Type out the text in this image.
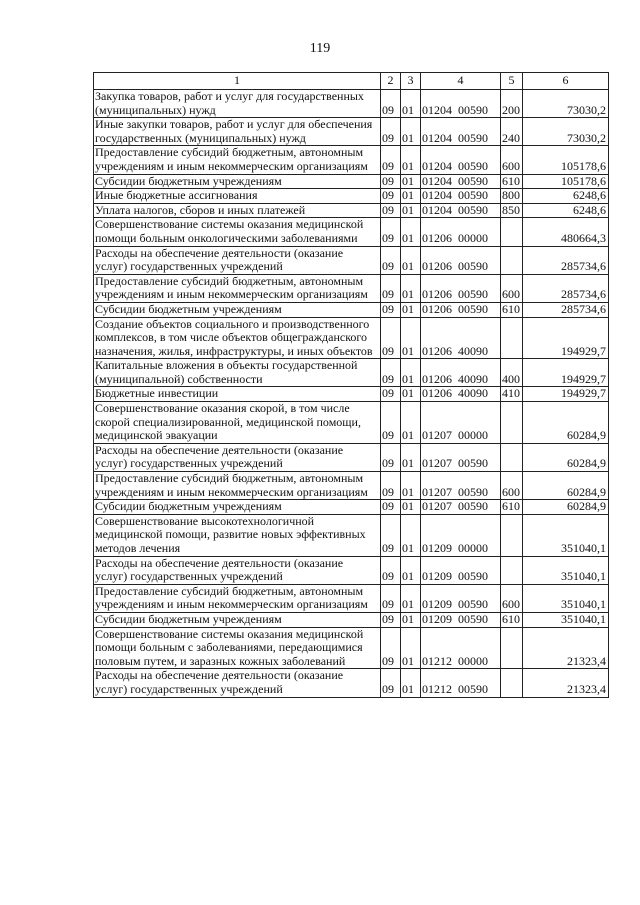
119
1	2	3	4	5	6
Закупка товаров, работ и услуг для государственных (муниципальных) нужд	09	01	01204  00590	200	73030,2
Иные закупки товаров, работ и услуг для обеспечения государственных (муниципальных) нужд	09	01	01204  00590	240	73030,2
Предоставление субсидий бюджетным, автономным учреждениям и иным некоммерческим организациям	09	01	01204  00590	600	105178,6
Субсидии бюджетным учреждениям	09	01	01204  00590	610	105178,6
Иные бюджетные ассигнования	09	01	01204  00590	800	6248,6
Уплата налогов, сборов и иных платежей	09	01	01204  00590	850	6248,6
Совершенствование системы оказания медицинской помощи больным онкологическими заболеваниями	09	01	01206  00000		480664,3
Расходы на обеспечение деятельности (оказание услуг) государственных учреждений	09	01	01206  00590		285734,6
Предоставление субсидий бюджетным, автономным учреждениям и иным некоммерческим организациям	09	01	01206  00590	600	285734,6
Субсидии бюджетным учреждениям	09	01	01206  00590	610	285734,6
Создание объектов социального и производственного комплексов, в том числе объектов общегражданского назначения, жилья, инфраструктуры, и иных объектов	09	01	01206  40090		194929,7
Капитальные вложения в объекты государственной (муниципальной) собственности	09	01	01206  40090	400	194929,7
Бюджетные инвестиции	09	01	01206  40090	410	194929,7
Совершенствование оказания скорой, в том числе скорой специализированной, медицинской помощи, медицинской эвакуации	09	01	01207  00000		60284,9
Расходы на обеспечение деятельности (оказание услуг) государственных учреждений	09	01	01207  00590		60284,9
Предоставление субсидий бюджетным, автономным учреждениям и иным некоммерческим организациям	09	01	01207  00590	600	60284,9
Субсидии бюджетным учреждениям	09	01	01207  00590	610	60284,9
Совершенствование высокотехнологичной медицинской помощи, развитие новых эффективных методов лечения	09	01	01209  00000		351040,1
Расходы на обеспечение деятельности (оказание услуг) государственных учреждений	09	01	01209  00590		351040,1
Предоставление субсидий бюджетным, автономным учреждениям и иным некоммерческим организациям	09	01	01209  00590	600	351040,1
Субсидии бюджетным учреждениям	09	01	01209  00590	610	351040,1
Совершенствование системы оказания медицинской помощи больным с заболеваниями, передающимися половым путем, и заразных кожных заболеваний	09	01	01212  00000		21323,4
Расходы на обеспечение деятельности (оказание услуг) государственных учреждений	09	01	01212  00590		21323,4
